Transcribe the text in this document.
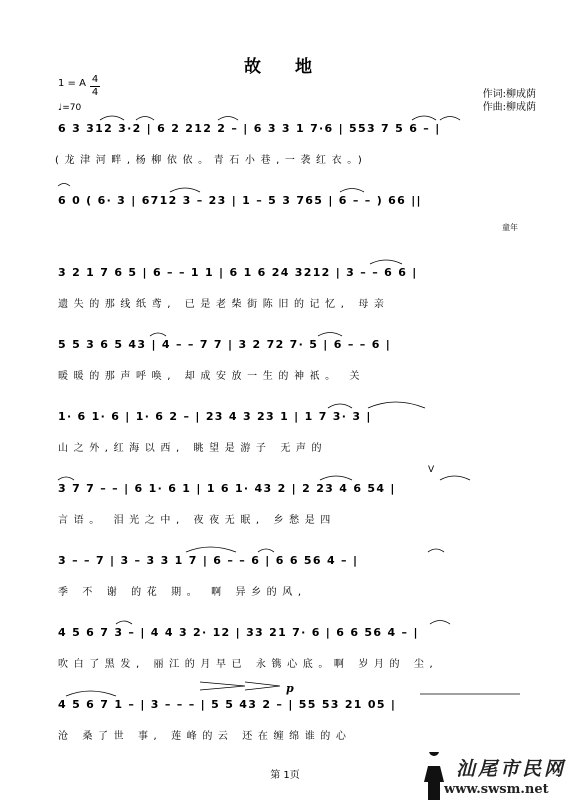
故 地
1 = A 4
4
♩=70
作词:柳成荫
作曲:柳成荫
6 3 312 3·2 | 6 2 212 2 – | 6 3 3 1 7·6 | 553 7 5 6 – |
(龙津河畔,杨柳依依。青石小巷,一袭红衣。)
6 0 ( 6· 3 | 6712 3 – 23 | 1 – 5 3 765 | 6 – – ) 66 ||
童年
3 2 1 7 6 5 | 6 – – 1 1 | 6 1 6 24 3212 | 3 – – 6 6 |
遗失的那线纸鸢, 已是老柴街陈旧的记忆, 母亲
5 5 3 6 5 43 | 4 – – 7 7 | 3 2 72 7· 5 | 6 – – 6 |
暖暖的那声呼唤, 却成安放一生的神祇。 关
1· 6 1· 6 | 1· 6 2 – | 23 4 3 23 1 | 1 7 3· 3 |
山之外,红海以西, 眺望是游子 无声的
3 7 7 – – | 6 1· 6 1 | 1 6 1· 43 2 | 2 23 4 6 54 |
言语。 泪光之中, 夜夜无眠, 乡愁是四
3 – – 7 | 3 – 3 3 1 7 | 6 – – 6 | 6 6 56 4 – |
季 不 谢 的花 期。 啊 异乡的风,
4 5 6 7 3 – | 4 4 3 2· 12 | 33 21 7· 6 | 6 6 56 4 – |
吹白了黑发, 丽江的月早已 永镌心底。啊 岁月的 尘,
4 5 6 7 1 – | 3 – – – | 5 5 43 2 – | 55 53 21 05 |
沧 桑了世 事, 莲峰的云 还在缠绵谁的心
V
p
第 1页	汕尾市民网
www.swsm.net
